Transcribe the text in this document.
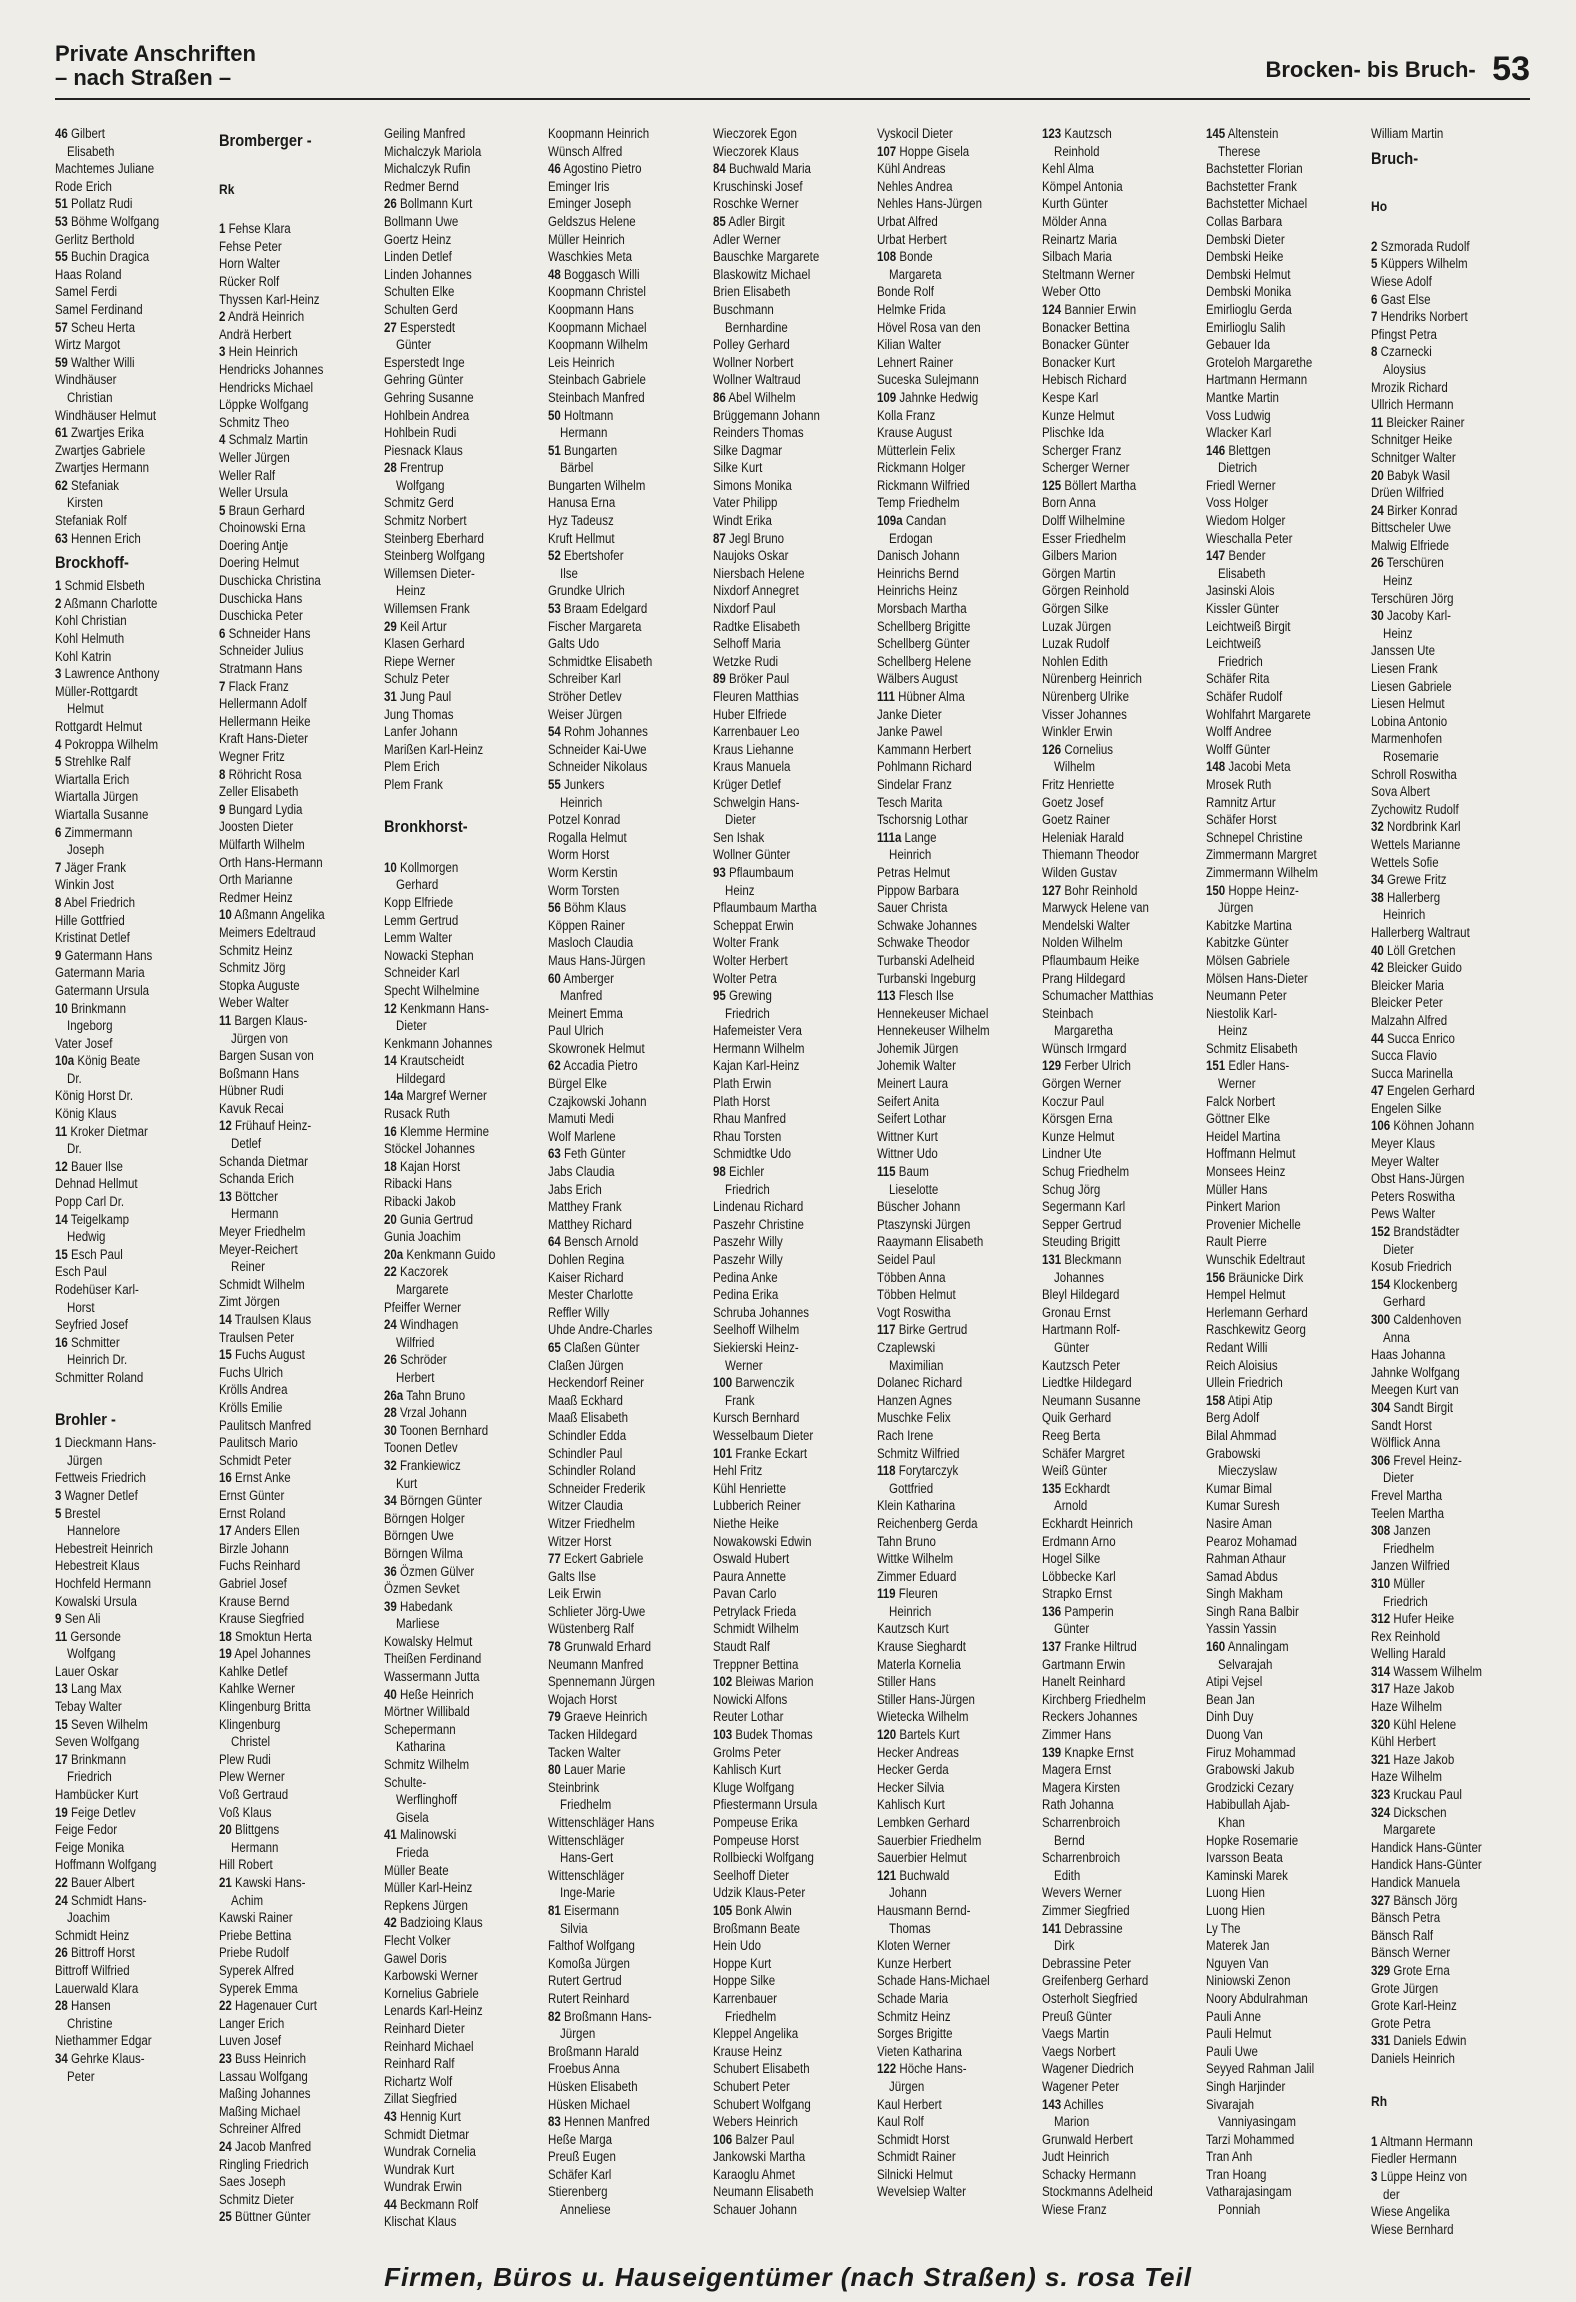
Private Anschriften
– nach Straßen –	Brocken- bis Bruch- 53
46 Gilbert
Elisabeth
Machtemes Juliane
Rode Erich
51 Pollatz Rudi
53 Böhme Wolfgang
Gerlitz Berthold
55 Buchin Dragica
Haas Roland
Samel Ferdi
Samel Ferdinand
57 Scheu Herta
Wirtz Margot
59 Walther Willi
Windhäuser
Christian
Windhäuser Helmut
61 Zwartjes Erika
Zwartjes Gabriele
Zwartjes Hermann
62 Stefaniak
Kirsten
Stefaniak Rolf
63 Hennen Erich
Brockhoff-
1 Schmid Elsbeth
2 Aßmann Charlotte
Kohl Christian
Kohl Helmuth
Kohl Katrin
3 Lawrence Anthony
Müller-Rottgardt
Helmut
Rottgardt Helmut
4 Pokroppa Wilhelm
5 Strehlke Ralf
Wiartalla Erich
Wiartalla Jürgen
Wiartalla Susanne
6 Zimmermann
Joseph
7 Jäger Frank
Winkin Jost
8 Abel Friedrich
Hille Gottfried
Kristinat Detlef
9 Gatermann Hans
Gatermann Maria
Gatermann Ursula
10 Brinkmann
Ingeborg
Vater Josef
10a König Beate
Dr.
König Horst Dr.
König Klaus
11 Kroker Dietmar
Dr.
12 Bauer Ilse
Dehnad Hellmut
Popp Carl Dr.
14 Teigelkamp
Hedwig
15 Esch Paul
Esch Paul
Rodehüser Karl-
Horst
Seyfried Josef
16 Schmitter
Heinrich Dr.
Schmitter Roland

Brohler -
1 Dieckmann Hans-
Jürgen
Fettweis Friedrich
3 Wagner Detlef
5 Brestel
Hannelore
Hebestreit Heinrich
Hebestreit Klaus
Hochfeld Hermann
Kowalski Ursula
9 Sen Ali
11 Gersonde
Wolfgang
Lauer Oskar
13 Lang Max
Tebay Walter
15 Seven Wilhelm
Seven Wolfgang
17 Brinkmann
Friedrich
Hambücker Kurt
19 Feige Detlev
Feige Fedor
Feige Monika
Hoffmann Wolfgang
22 Bauer Albert
24 Schmidt Hans-
Joachim
Schmidt Heinz
26 Bittroff Horst
Bittroff Wilfried
Lauerwald Klara
28 Hansen
Christine
Niethammer Edgar
34 Gehrke Klaus-
Peter
Bromberger -

Rk

1 Fehse Klara
Fehse Peter
Horn Walter
Rücker Rolf
Thyssen Karl-Heinz
2 Andrä Heinrich
Andrä Herbert
3 Hein Heinrich
Hendricks Johannes
Hendricks Michael
Löppke Wolfgang
Schmitz Theo
4 Schmalz Martin
Weller Jürgen
Weller Ralf
Weller Ursula
5 Braun Gerhard
Choinowski Erna
Doering Antje
Doering Helmut
Duschicka Christina
Duschicka Hans
Duschicka Peter
6 Schneider Hans
Schneider Julius
Stratmann Hans
7 Flack Franz
Hellermann Adolf
Hellermann Heike
Kraft Hans-Dieter
Wegner Fritz
8 Röhricht Rosa
Zeller Elisabeth
9 Bungard Lydia
Joosten Dieter
Mülfarth Wilhelm
Orth Hans-Hermann
Orth Marianne
Redmer Heinz
10 Aßmann Angelika
Meimers Edeltraud
Schmitz Heinz
Schmitz Jörg
Stopka Auguste
Weber Walter
11 Bargen Klaus-
Jürgen von
Bargen Susan von
Boßmann Hans
Hübner Rudi
Kavuk Recai
12 Frühauf Heinz-
Detlef
Schanda Dietmar
Schanda Erich
13 Böttcher
Hermann
Meyer Friedhelm
Meyer-Reichert
Reiner
Schmidt Wilhelm
Zimt Jörgen
14 Traulsen Klaus
Traulsen Peter
15 Fuchs August
Fuchs Ulrich
Krölls Andrea
Krölls Emilie
Paulitsch Manfred
Paulitsch Mario
Schmidt Peter
16 Ernst Anke
Ernst Günter
Ernst Roland
17 Anders Ellen
Birzle Johann
Fuchs Reinhard
Gabriel Josef
Krause Bernd
Krause Siegfried
18 Smoktun Herta
19 Apel Johannes
Kahlke Detlef
Kahlke Werner
Klingenburg Britta
Klingenburg
Christel
Plew Rudi
Plew Werner
Voß Gertraud
Voß Klaus
20 Blittgens
Hermann
Hill Robert
21 Kawski Hans-
Achim
Kawski Rainer
Priebe Bettina
Priebe Rudolf
Syperek Alfred
Syperek Emma
22 Hagenauer Curt
Langer Erich
Luven Josef
23 Buss Heinrich
Lassau Wolfgang
Maßing Johannes
Maßing Michael
Schreiner Alfred
24 Jacob Manfred
Ringling Friedrich
Saes Joseph
Schmitz Dieter
25 Büttner Günter
Geiling Manfred
Michalczyk Mariola
Michalczyk Rufin
Redmer Bernd
26 Bollmann Kurt
Bollmann Uwe
Goertz Heinz
Linden Detlef
Linden Johannes
Schulten Elke
Schulten Gerd
27 Esperstedt
Günter
Esperstedt Inge
Gehring Günter
Gehring Susanne
Hohlbein Andrea
Hohlbein Rudi
Piesnack Klaus
28 Frentrup
Wolfgang
Schmitz Gerd
Schmitz Norbert
Steinberg Eberhard
Steinberg Wolfgang
Willemsen Dieter-
Heinz
Willemsen Frank
29 Keil Artur
Klasen Gerhard
Riepe Werner
Schulz Peter
31 Jung Paul
Jung Thomas
Lanfer Johann
Marißen Karl-Heinz
Plem Erich
Plem Frank

Bronkhorst-

10 Kollmorgen
Gerhard
Kopp Elfriede
Lemm Gertrud
Lemm Walter
Nowacki Stephan
Schneider Karl
Specht Wilhelmine
12 Kenkmann Hans-
Dieter
Kenkmann Johannes
14 Krautscheidt
Hildegard
14a Margref Werner
Rusack Ruth
16 Klemme Hermine
Stöckel Johannes
18 Kajan Horst
Ribacki Hans
Ribacki Jakob
20 Gunia Gertrud
Gunia Joachim
20a Kenkmann Guido
22 Kaczorek
Margarete
Pfeiffer Werner
24 Windhagen
Wilfried
26 Schröder
Herbert
26a Tahn Bruno
28 Vrzal Johann
30 Toonen Bernhard
Toonen Detlev
32 Frankiewicz
Kurt
34 Börngen Günter
Börngen Holger
Börngen Uwe
Börngen Wilma
36 Özmen Gülver
Özmen Sevket
39 Habedank
Marliese
Kowalsky Helmut
Theißen Ferdinand
Wassermann Jutta
40 Heße Heinrich
Mörtner Willibald
Schepermann
Katharina
Schmitz Wilhelm
Schulte-
Werflinghoff
Gisela
41 Malinowski
Frieda
Müller Beate
Müller Karl-Heinz
Repkens Jürgen
42 Badzioing Klaus
Flecht Volker
Gawel Doris
Karbowski Werner
Kornelius Gabriele
Lenards Karl-Heinz
Reinhard Dieter
Reinhard Michael
Reinhard Ralf
Richartz Wolf
Zillat Siegfried
43 Hennig Kurt
Schmidt Dietmar
Wundrak Cornelia
Wundrak Kurt
Wundrak Erwin
44 Beckmann Rolf
Klischat Klaus
Koopmann Heinrich
Wünsch Alfred
46 Agostino Pietro
Eminger Iris
Eminger Joseph
Geldszus Helene
Müller Heinrich
Waschkies Meta
48 Boggasch Willi
Koopmann Christel
Koopmann Hans
Koopmann Michael
Koopmann Wilhelm
Leis Heinrich
Steinbach Gabriele
Steinbach Manfred
50 Holtmann
Hermann
51 Bungarten
Bärbel
Bungarten Wilhelm
Hanusa Erna
Hyz Tadeusz
Kruft Hellmut
52 Ebertshofer
Ilse
Grundke Ulrich
53 Braam Edelgard
Fischer Margareta
Galts Udo
Schmidtke Elisabeth
Schreiber Karl
Ströher Detlev
Weiser Jürgen
54 Rohm Johannes
Schneider Kai-Uwe
Schneider Nikolaus
55 Junkers
Heinrich
Potzel Konrad
Rogalla Helmut
Worm Horst
Worm Kerstin
Worm Torsten
56 Böhm Klaus
Köppen Rainer
Masloch Claudia
Maus Hans-Jürgen
60 Amberger
Manfred
Meinert Emma
Paul Ulrich
Skowronek Helmut
62 Accadia Pietro
Bürgel Elke
Czajkowski Johann
Mamuti Medi
Wolf Marlene
63 Feth Günter
Jabs Claudia
Jabs Erich
Matthey Frank
Matthey Richard
64 Bensch Arnold
Dohlen Regina
Kaiser Richard
Mester Charlotte
Reffler Willy
Uhde Andre-Charles
65 Claßen Günter
Claßen Jürgen
Heckendorf Reiner
Maaß Eckhard
Maaß Elisabeth
Schindler Edda
Schindler Paul
Schindler Roland
Schneider Frederik
Witzer Claudia
Witzer Friedhelm
Witzer Horst
77 Eckert Gabriele
Galts Ilse
Leik Erwin
Schlieter Jörg-Uwe
Wüstenberg Ralf
78 Grunwald Erhard
Neumann Manfred
Spennemann Jürgen
Wojach Horst
79 Graeve Heinrich
Tacken Hildegard
Tacken Walter
80 Lauer Marie
Steinbrink
Friedhelm
Wittenschläger Hans
Wittenschläger
Hans-Gert
Wittenschläger
Inge-Marie
81 Eisermann
Silvia
Falthof Wolfgang
Komoßa Jürgen
Rutert Gertrud
Rutert Reinhard
82 Broßmann Hans-
Jürgen
Broßmann Harald
Froebus Anna
Hüsken Elisabeth
Hüsken Michael
83 Hennen Manfred
Heße Marga
Preuß Eugen
Schäfer Karl
Stierenberg
Anneliese
Wieczorek Egon
Wieczorek Klaus
84 Buchwald Maria
Kruschinski Josef
Roschke Werner
85 Adler Birgit
Adler Werner
Bauschke Margarete
Blaskowitz Michael
Brien Elisabeth
Buschmann
Bernhardine
Polley Gerhard
Wollner Norbert
Wollner Waltraud
86 Abel Wilhelm
Brüggemann Johann
Reinders Thomas
Silke Dagmar
Silke Kurt
Simons Monika
Vater Philipp
Windt Erika
87 Jegl Bruno
Naujoks Oskar
Niersbach Helene
Nixdorf Annegret
Nixdorf Paul
Radtke Elisabeth
Selhoff Maria
Wetzke Rudi
89 Bröker Paul
Fleuren Matthias
Huber Elfriede
Karrenbauer Leo
Kraus Liehanne
Kraus Manuela
Krüger Detlef
Schwelgin Hans-
Dieter
Sen Ishak
Wollner Günter
93 Pflaumbaum
Heinz
Pflaumbaum Martha
Scheppat Erwin
Wolter Frank
Wolter Herbert
Wolter Petra
95 Grewing
Friedrich
Hafemeister Vera
Hermann Wilhelm
Kajan Karl-Heinz
Plath Erwin
Plath Horst
Rhau Manfred
Rhau Torsten
Schmidtke Udo
98 Eichler
Friedrich
Lindenau Richard
Paszehr Christine
Paszehr Willy
Paszehr Willy
Pedina Anke
Pedina Erika
Schruba Johannes
Seelhoff Wilhelm
Siekierski Heinz-
Werner
100 Barwenczik
Frank
Kursch Bernhard
Wesselbaum Dieter
101 Franke Eckart
Hehl Fritz
Kühl Henriette
Lubberich Reiner
Niethe Heike
Nowakowski Edwin
Oswald Hubert
Paura Annette
Pavan Carlo
Petrylack Frieda
Schmidt Wilhelm
Staudt Ralf
Treppner Bettina
102 Bleiwas Marion
Nowicki Alfons
Reuter Lothar
103 Budek Thomas
Grolms Peter
Kahlisch Kurt
Kluge Wolfgang
Pfiestermann Ursula
Pompeuse Erika
Pompeuse Horst
Rollbiecki Wolfgang
Seelhoff Dieter
Udzik Klaus-Peter
105 Bonk Alwin
Broßmann Beate
Hein Udo
Hoppe Kurt
Hoppe Silke
Karrenbauer
Friedhelm
Kleppel Angelika
Krause Heinz
Schubert Elisabeth
Schubert Peter
Schubert Wolfgang
Webers Heinrich
106 Balzer Paul
Jankowski Martha
Karaoglu Ahmet
Neumann Elisabeth
Schauer Johann
Vyskocil Dieter
107 Hoppe Gisela
Kühl Andreas
Nehles Andrea
Nehles Hans-Jürgen
Urbat Alfred
Urbat Herbert
108 Bonde
Margareta
Bonde Rolf
Helmke Frida
Hövel Rosa van den
Kilian Walter
Lehnert Rainer
Suceska Sulejmann
109 Jahnke Hedwig
Kolla Franz
Krause August
Mütterlein Felix
Rickmann Holger
Rickmann Wilfried
Temp Friedhelm
109a Candan
Erdogan
Danisch Johann
Heinrichs Bernd
Heinrichs Heinz
Morsbach Martha
Schellberg Brigitte
Schellberg Günter
Schellberg Helene
Wälbers August
111 Hübner Alma
Janke Dieter
Janke Pawel
Kammann Herbert
Pohlmann Richard
Sindelar Franz
Tesch Marita
Tschorsnig Lothar
111a Lange
Heinrich
Petras Helmut
Pippow Barbara
Sauer Christa
Schwake Johannes
Schwake Theodor
Turbanski Adelheid
Turbanski Ingeburg
113 Flesch Ilse
Hennekeuser Michael
Hennekeuser Wilhelm
Johemik Jürgen
Johemik Walter
Meinert Laura
Seifert Anita
Seifert Lothar
Wittner Kurt
Wittner Udo
115 Baum
Lieselotte
Büscher Johann
Ptaszynski Jürgen
Raaymann Elisabeth
Seidel Paul
Többen Anna
Többen Helmut
Vogt Roswitha
117 Birke Gertrud
Czaplewski
Maximilian
Dolanec Richard
Hanzen Agnes
Muschke Felix
Rach Irene
Schmitz Wilfried
118 Forytarczyk
Gottfried
Klein Katharina
Reichenberg Gerda
Tahn Bruno
Wittke Wilhelm
Zimmer Eduard
119 Fleuren
Heinrich
Kautzsch Kurt
Krause Sieghardt
Materla Kornelia
Stiller Hans
Stiller Hans-Jürgen
Wietecka Wilhelm
120 Bartels Kurt
Hecker Andreas
Hecker Gerda
Hecker Silvia
Kahlisch Kurt
Lembken Gerhard
Sauerbier Friedhelm
Sauerbier Helmut
121 Buchwald
Johann
Hausmann Bernd-
Thomas
Kloten Werner
Kunze Herbert
Schade Hans-Michael
Schade Maria
Schmitz Heinz
Sorges Brigitte
Vieten Katharina
122 Höche Hans-
Jürgen
Kaul Herbert
Kaul Rolf
Schmidt Horst
Schmidt Rainer
Silnicki Helmut
Wevelsiep Walter
123 Kautzsch
Reinhold
Kehl Alma
Kömpel Antonia
Kurth Günter
Mölder Anna
Reinartz Maria
Silbach Maria
Steltmann Werner
Weber Otto
124 Bannier Erwin
Bonacker Bettina
Bonacker Günter
Bonacker Kurt
Hebisch Richard
Kespe Karl
Kunze Helmut
Plischke Ida
Scherger Franz
Scherger Werner
125 Böllert Martha
Born Anna
Dolff Wilhelmine
Esser Friedhelm
Gilbers Marion
Görgen Martin
Görgen Reinhold
Görgen Silke
Luzak Jürgen
Luzak Rudolf
Nohlen Edith
Nürenberg Heinrich
Nürenberg Ulrike
Visser Johannes
Winkler Erwin
126 Cornelius
Wilhelm
Fritz Henriette
Goetz Josef
Goetz Rainer
Heleniak Harald
Thiemann Theodor
Wilden Gustav
127 Bohr Reinhold
Marwyck Helene van
Mendelski Walter
Nolden Wilhelm
Pflaumbaum Heike
Prang Hildegard
Schumacher Matthias
Steinbach
Margaretha
Wünsch Irmgard
129 Ferber Ulrich
Görgen Werner
Koczur Paul
Körsgen Erna
Kunze Helmut
Lindner Ute
Schug Friedhelm
Schug Jörg
Segermann Karl
Sepper Gertrud
Steuding Brigitt
131 Bleckmann
Johannes
Bleyl Hildegard
Gronau Ernst
Hartmann Rolf-
Günter
Kautzsch Peter
Liedtke Hildegard
Neumann Susanne
Quik Gerhard
Reeg Berta
Schäfer Margret
Weiß Günter
135 Eckhardt
Arnold
Eckhardt Heinrich
Erdmann Arno
Hogel Silke
Löbbecke Karl
Strapko Ernst
136 Pamperin
Günter
137 Franke Hiltrud
Gartmann Erwin
Hanelt Reinhard
Kirchberg Friedhelm
Reckers Johannes
Zimmer Hans
139 Knapke Ernst
Magera Ernst
Magera Kirsten
Rath Johanna
Scharrenbroich
Bernd
Scharrenbroich
Edith
Wevers Werner
Zimmer Siegfried
141 Debrassine
Dirk
Debrassine Peter
Greifenberg Gerhard
Osterholt Siegfried
Preuß Günter
Vaegs Martin
Vaegs Norbert
Wagener Diedrich
Wagener Peter
143 Achilles
Marion
Grunwald Herbert
Judt Heinrich
Schacky Hermann
Stockmanns Adelheid
Wiese Franz
145 Altenstein
Therese
Bachstetter Florian
Bachstetter Frank
Bachstetter Michael
Collas Barbara
Dembski Dieter
Dembski Heike
Dembski Helmut
Dembski Monika
Emirlioglu Gerda
Emirlioglu Salih
Gebauer Ida
Groteloh Margarethe
Hartmann Hermann
Mantke Martin
Voss Ludwig
Wlacker Karl
146 Blettgen
Dietrich
Friedl Werner
Voss Holger
Wiedom Holger
Wieschalla Peter
147 Bender
Elisabeth
Jasinski Alois
Kissler Günter
Leichtweiß Birgit
Leichtweiß
Friedrich
Schäfer Rita
Schäfer Rudolf
Wohlfahrt Margarete
Wolff Andree
Wolff Günter
148 Jacobi Meta
Mrosek Ruth
Ramnitz Artur
Schäfer Horst
Schnepel Christine
Zimmermann Margret
Zimmermann Wilhelm
150 Hoppe Heinz-
Jürgen
Kabitzke Martina
Kabitzke Günter
Mölsen Gabriele
Mölsen Hans-Dieter
Neumann Peter
Niestolik Karl-
Heinz
Schmitz Elisabeth
151 Edler Hans-
Werner
Falck Norbert
Göttner Elke
Heidel Martina
Hoffmann Helmut
Monsees Heinz
Müller Hans
Pinkert Marion
Provenier Michelle
Rault Pierre
Wunschik Edeltraut
156 Bräunicke Dirk
Hempel Helmut
Herlemann Gerhard
Raschkewitz Georg
Redant Willi
Reich Aloisius
Ullein Friedrich
158 Atipi Atip
Berg Adolf
Bilal Ahmmad
Grabowski
Mieczyslaw
Kumar Bimal
Kumar Suresh
Nasire Aman
Pearoz Mohamad
Rahman Athaur
Samad Abdus
Singh Makham
Singh Rana Balbir
Yassin Yassin
160 Annalingam
Selvarajah
Atipi Vejsel
Bean Jan
Dinh Duy
Duong Van
Firuz Mohammad
Grabowski Jakub
Grodzicki Cezary
Habibullah Ajab-
Khan
Hopke Rosemarie
Ivarsson Beata
Kaminski Marek
Luong Hien
Luong Hien
Ly The
Materek Jan
Nguyen Van
Niniowski Zenon
Noory Abdulrahman
Pauli Anne
Pauli Helmut
Pauli Uwe
Seyyed Rahman Jalil
Singh Harjinder
Sivarajah
Vanniyasingam
Tarzi Mohammed
Tran Anh
Tran Hoang
Vatharajasingam
Ponniah
William Martin
Bruch-

Ho

2 Szmorada Rudolf
5 Küppers Wilhelm
Wiese Adolf
6 Gast Else
7 Hendriks Norbert
Pfingst Petra
8 Czarnecki
Aloysius
Mrozik Richard
Ullrich Hermann
11 Bleicker Rainer
Schnitger Heike
Schnitger Walter
20 Babyk Wasil
Drüen Wilfried
24 Birker Konrad
Bittscheler Uwe
Malwig Elfriede
26 Terschüren
Heinz
Terschüren Jörg
30 Jacoby Karl-
Heinz
Janssen Ute
Liesen Frank
Liesen Gabriele
Liesen Helmut
Lobina Antonio
Marmenhofen
Rosemarie
Schroll Roswitha
Sova Albert
Zychowitz Rudolf
32 Nordbrink Karl
Wettels Marianne
Wettels Sofie
34 Grewe Fritz
38 Hallerberg
Heinrich
Hallerberg Waltraut
40 Löll Gretchen
42 Bleicker Guido
Bleicker Maria
Bleicker Peter
Malzahn Alfred
44 Succa Enrico
Succa Flavio
Succa Marinella
47 Engelen Gerhard
Engelen Silke
106 Köhnen Johann
Meyer Klaus
Meyer Walter
Obst Hans-Jürgen
Peters Roswitha
Pews Walter
152 Brandstädter
Dieter
Kosub Friedrich
154 Klockenberg
Gerhard
300 Caldenhoven
Anna
Haas Johanna
Jahnke Wolfgang
Meegen Kurt van
304 Sandt Birgit
Sandt Horst
Wölflick Anna
306 Frevel Heinz-
Dieter
Frevel Martha
Teelen Martha
308 Janzen
Friedhelm
Janzen Wilfried
310 Müller
Friedrich
312 Hufer Heike
Rex Reinhold
Welling Harald
314 Wassem Wilhelm
317 Haze Jakob
Haze Wilhelm
320 Kühl Helene
Kühl Herbert
321 Haze Jakob
Haze Wilhelm
323 Kruckau Paul
324 Dickschen
Margarete
Handick Hans-Günter
Handick Hans-Günter
Handick Manuela
327 Bänsch Jörg
Bänsch Petra
Bänsch Ralf
Bänsch Werner
329 Grote Erna
Grote Jürgen
Grote Karl-Heinz
Grote Petra
331 Daniels Edwin
Daniels Heinrich

Rh

1 Altmann Hermann
Fiedler Hermann
3 Lüppe Heinz von
der
Wiese Angelika
Wiese Bernhard
Firmen, Büros u. Hauseigentümer (nach Straßen) s. rosa Teil
